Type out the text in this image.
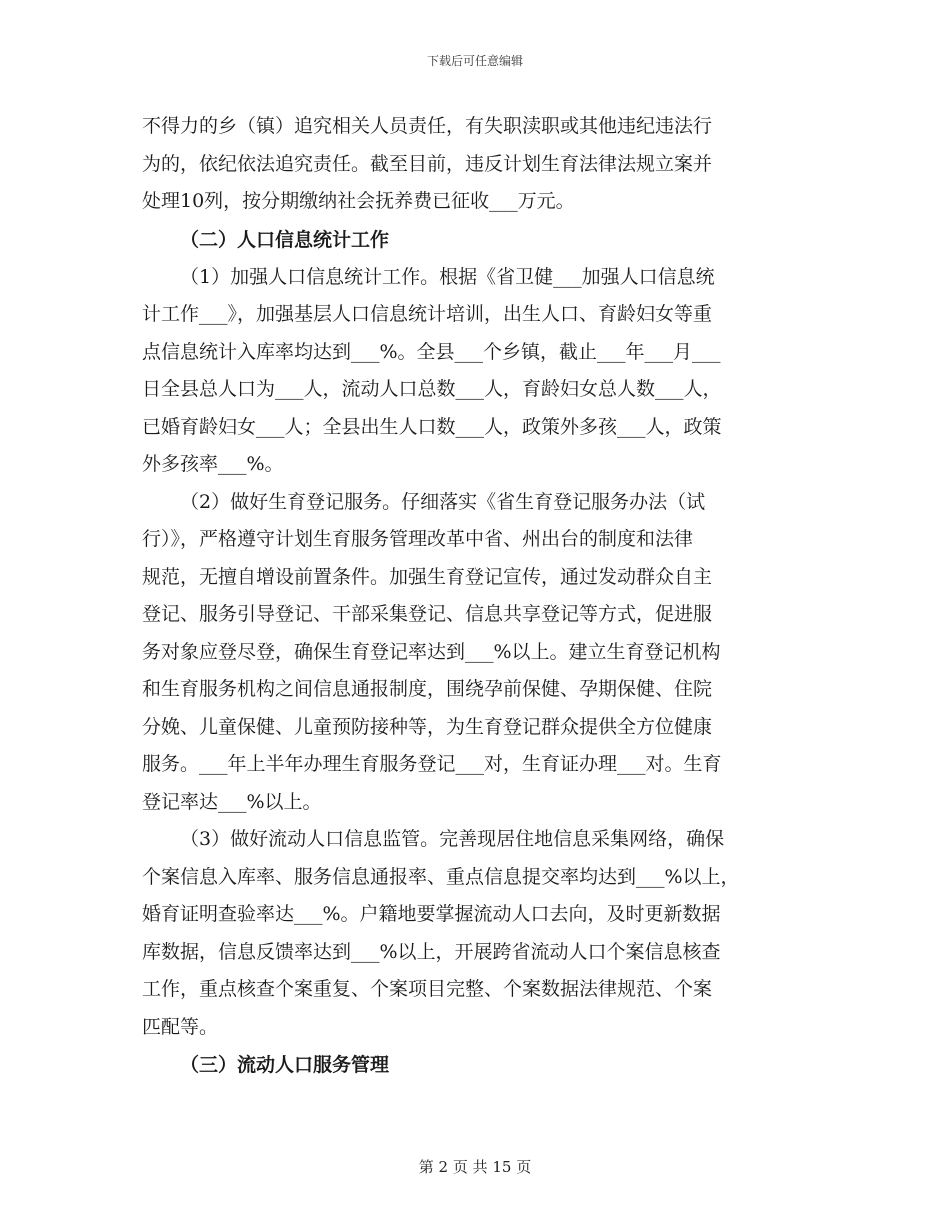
下载后可任意编辑
不得力的乡（镇）追究相关人员责任，有失职渎职或其他违纪违法行
为的，依纪依法追究责任。截至目前，违反计划生育法律法规立案并
处理10列，按分期缴纳社会抚养费已征收___万元。
（二）人口信息统计工作
（1）加强人口信息统计工作。根据《省卫健___加强人口信息统
计工作___》，加强基层人口信息统计培训，出生人口、育龄妇女等重
点信息统计入库率均达到___%。全县___个乡镇，截止___年___月___
日全县总人口为___人，流动人口总数___人，育龄妇女总人数___人，
已婚育龄妇女___人；全县出生人口数___人，政策外多孩___人，政策
外多孩率___%。
（2）做好生育登记服务。仔细落实《省生育登记服务办法（试
行）》，严格遵守计划生育服务管理改革中省、州出台的制度和法律
规范，无擅自增设前置条件。加强生育登记宣传，通过发动群众自主
登记、服务引导登记、干部采集登记、信息共享登记等方式，促进服
务对象应登尽登，确保生育登记率达到___%以上。建立生育登记机构
和生育服务机构之间信息通报制度，围绕孕前保健、孕期保健、住院
分娩、儿童保健、儿童预防接种等，为生育登记群众提供全方位健康
服务。___年上半年办理生育服务登记___对，生育证办理___对。生育
登记率达___%以上。
（3）做好流动人口信息监管。完善现居住地信息采集网络，确保
个案信息入库率、服务信息通报率、重点信息提交率均达到___%以上，
婚育证明查验率达___%。户籍地要掌握流动人口去向，及时更新数据
库数据，信息反馈率达到___%以上，开展跨省流动人口个案信息核查
工作，重点核查个案重复、个案项目完整、个案数据法律规范、个案
匹配等。
（三）流动人口服务管理
第 2 页 共 15 页
